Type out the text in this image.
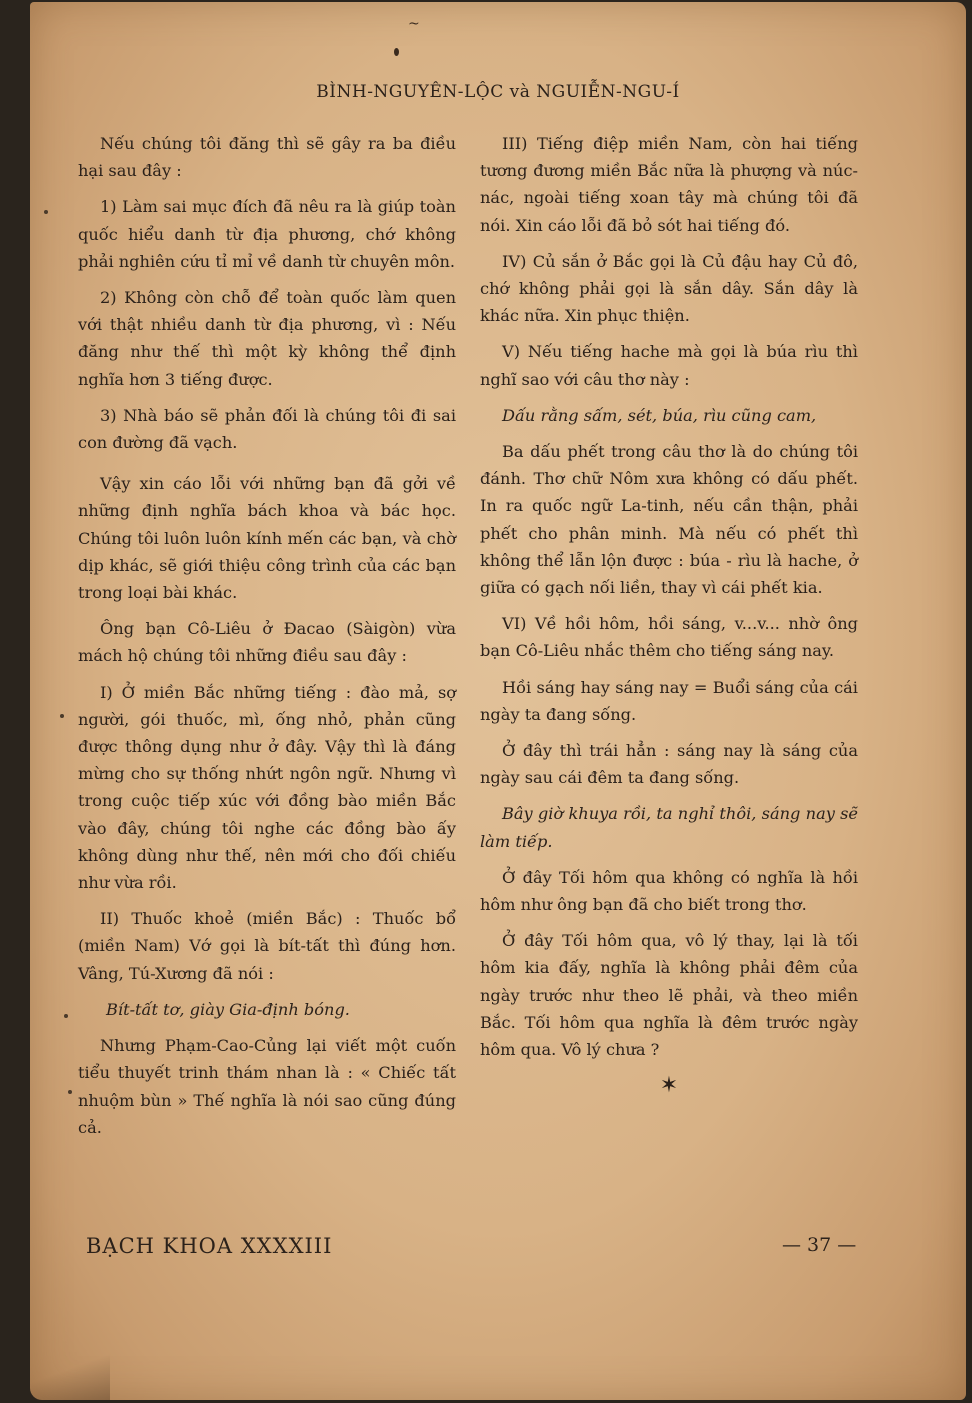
~
BÌNH-NGUYÊN-LỘC và NGUIỄN-NGU-Í

Nếu chúng tôi đăng thì sẽ gây ra ba điều hại sau đây :

1) Làm sai mục đích đã nêu ra là giúp toàn quốc hiểu danh từ địa phương, chớ không phải nghiên cứu tỉ mỉ về danh từ chuyên môn.

2) Không còn chỗ để toàn quốc làm quen với thật nhiều danh từ địa phương, vì : Nếu đăng như thế thì một kỳ không thể định nghĩa hơn 3 tiếng được.

3) Nhà báo sẽ phản đối là chúng tôi đi sai con đường đã vạch.

Vậy xin cáo lỗi với những bạn đã gởi về những định nghĩa bách khoa và bác học. Chúng tôi luôn luôn kính mến các bạn, và chờ dịp khác, sẽ giới thiệu công trình của các bạn trong loại bài khác.

Ông bạn Cô-Liêu ở Đacao (Sàigòn) vừa mách hộ chúng tôi những điều sau đây :

I) Ở miền Bắc những tiếng : đào mả, sợ người, gói thuốc, mì, ống nhỏ, phản cũng được thông dụng như ở đây. Vậy thì là đáng mừng cho sự thống nhứt ngôn ngữ. Nhưng vì trong cuộc tiếp xúc với đồng bào miền Bắc vào đây, chúng tôi nghe các đồng bào ấy không dùng như thế, nên mới cho đối chiếu như vừa rồi.

II) Thuốc khoẻ (miền Bắc) : Thuốc bổ (miền Nam) Vớ gọi là bít-tất thì đúng hơn. Vâng, Tú-Xương đã nói :

Bít-tất tơ, giày Gia-định bóng.

Nhưng Phạm-Cao-Củng lại viết một cuốn tiểu thuyết trinh thám nhan là : « Chiếc tất nhuộm bùn » Thế nghĩa là nói sao cũng đúng cả.

III) Tiếng điệp miền Nam, còn hai tiếng tương đương miền Bắc nữa là phượng và núc-nác, ngoài tiếng xoan tây mà chúng tôi đã nói. Xin cáo lỗi đã bỏ sót hai tiếng đó.

IV) Củ sắn ở Bắc gọi là Củ đậu hay Củ đô, chớ không phải gọi là sắn dây. Sắn dây là khác nữa. Xin phục thiện.

V) Nếu tiếng hache mà gọi là búa rìu thì nghĩ sao với câu thơ này :

Dấu rằng sấm, sét, búa, rìu cũng cam,

Ba dấu phết trong câu thơ là do chúng tôi đánh. Thơ chữ Nôm xưa không có dấu phết. In ra quốc ngữ La-tinh, nếu cần thận, phải phết cho phân minh. Mà nếu có phết thì không thể lẫn lộn được : búa - rìu là hache, ở giữa có gạch nối liền, thay vì cái phết kia.

VI) Về hồi hôm, hồi sáng, v...v... nhờ ông bạn Cô-Liêu nhắc thêm cho tiếng sáng nay.

Hồi sáng hay sáng nay = Buổi sáng của cái ngày ta đang sống.

Ở đây thì trái hẳn : sáng nay là sáng của ngày sau cái đêm ta đang sống.

Bây giờ khuya rồi, ta nghỉ thôi, sáng nay sẽ làm tiếp.

Ở đây Tối hôm qua không có nghĩa là hồi hôm như ông bạn đã cho biết trong thơ.

Ở đây Tối hôm qua, vô lý thay, lại là tối hôm kia đấy, nghĩa là không phải đêm của ngày trước như theo lẽ phải, và theo miền Bắc. Tối hôm qua nghĩa là đêm trước ngày hôm qua. Vô lý chưa ?

✶
BẠCH KHOA XXXXIII	— 37 —
